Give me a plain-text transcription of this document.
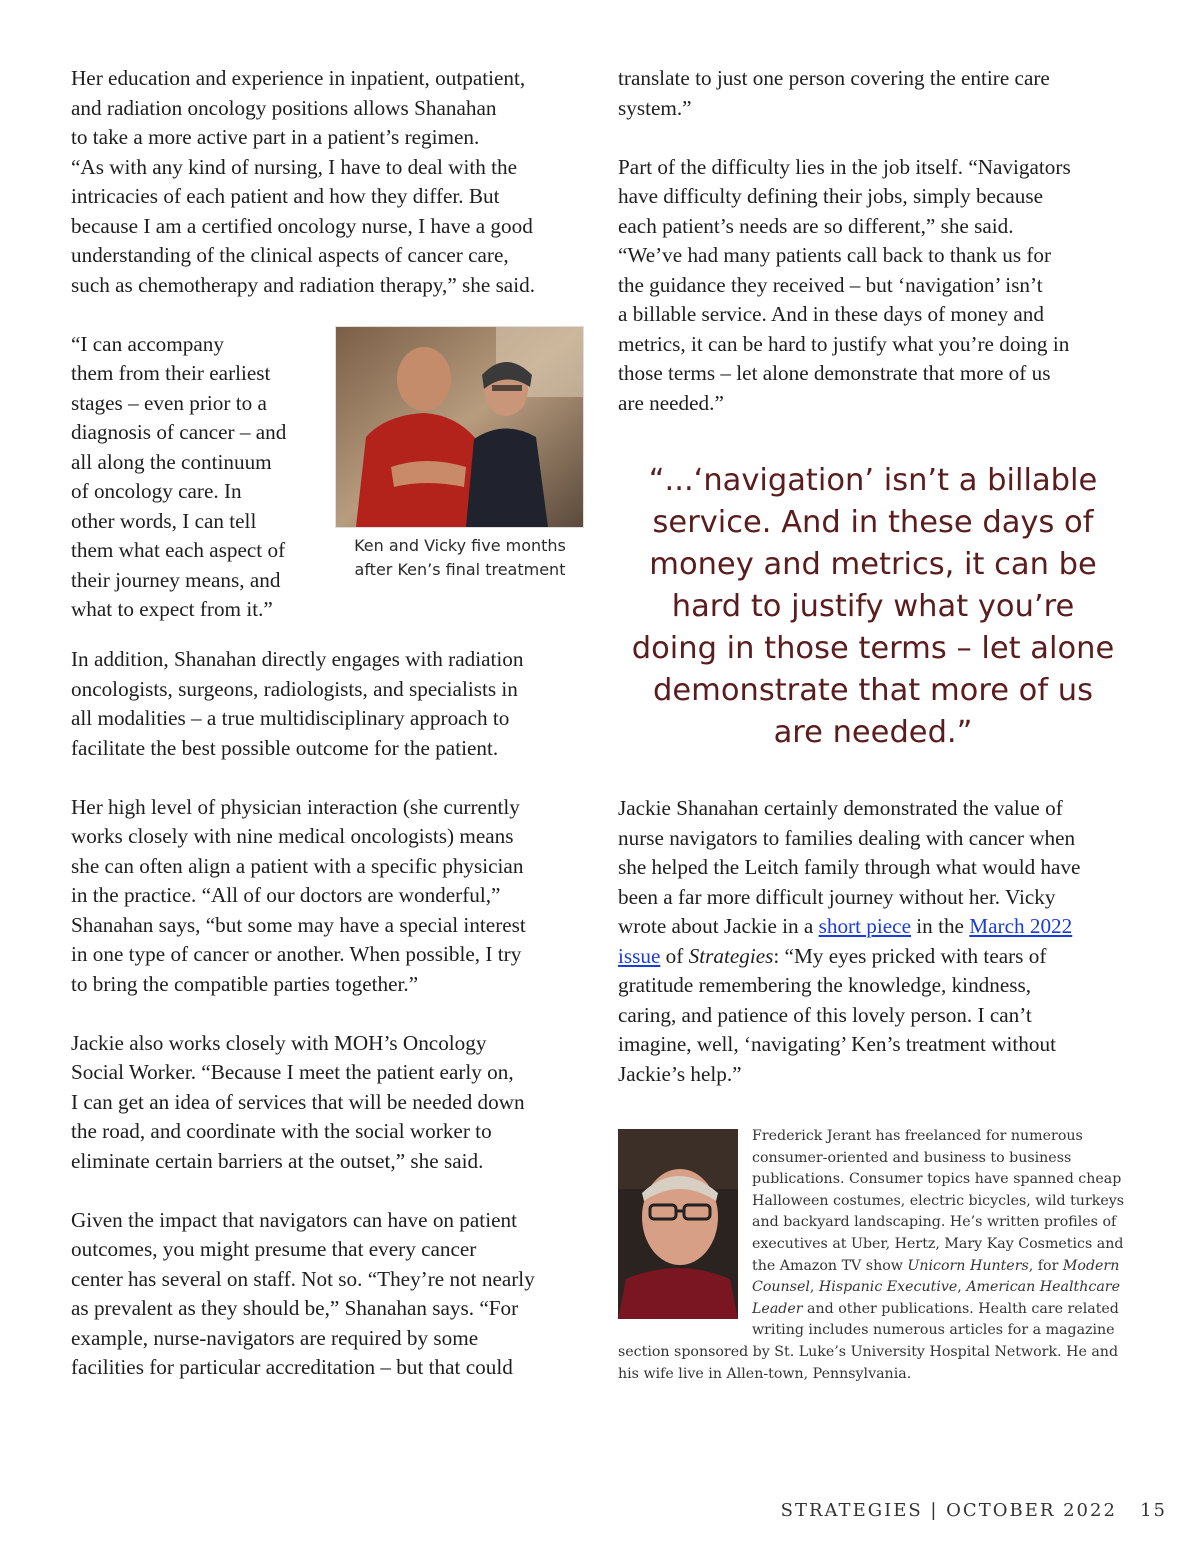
Her education and experience in inpatient, outpatient,
and radiation oncology positions allows Shanahan
to take a more active part in a patient’s regimen.
“As with any kind of nursing, I have to deal with the
intricacies of each patient and how they differ. But
because I am a certified oncology nurse, I have a good
understanding of the clinical aspects of cancer care,
such as chemotherapy and radiation therapy,” she said.

“I can accompany
them from their earliest
stages – even prior to a
diagnosis of cancer – and
all along the continuum
of oncology care. In
other words, I can tell
them what each aspect of
their journey means, and
what to expect from it.”

Ken and Vicky five months
after Ken’s final treatment

In addition, Shanahan directly engages with radiation
oncologists, surgeons, radiologists, and specialists in
all modalities – a true multidisciplinary approach to
facilitate the best possible outcome for the patient.

Her high level of physician interaction (she currently
works closely with nine medical oncologists) means
she can often align a patient with a specific physician
in the practice. “All of our doctors are wonderful,”
Shanahan says, “but some may have a special interest
in one type of cancer or another. When possible, I try
to bring the compatible parties together.”

Jackie also works closely with MOH’s Oncology
Social Worker. “Because I meet the patient early on,
I can get an idea of services that will be needed down
the road, and coordinate with the social worker to
eliminate certain barriers at the outset,” she said.

Given the impact that navigators can have on patient
outcomes, you might presume that every cancer
center has several on staff. Not so. “They’re not nearly
as prevalent as they should be,” Shanahan says. “For
example, nurse-navigators are required by some
facilities for particular accreditation – but that could

translate to just one person covering the entire care
system.”

Part of the difficulty lies in the job itself. “Navigators
have difficulty defining their jobs, simply because
each patient’s needs are so different,” she said.
“We’ve had many patients call back to thank us for
the guidance they received – but ‘navigation’ isn’t
a billable service. And in these days of money and
metrics, it can be hard to justify what you’re doing in
those terms – let alone demonstrate that more of us
are needed.”

“...‘navigation’ isn’t a billable
service. And in these days of
money and metrics, it can be
hard to justify what you’re
doing in those terms – let alone
demonstrate that more of us
are needed.”

Jackie Shanahan certainly demonstrated the value of
nurse navigators to families dealing with cancer when
she helped the Leitch family through what would have
been a far more difficult journey without her. Vicky
wrote about Jackie in a short piece in the March 2022
issue of Strategies: “My eyes pricked with tears of
gratitude remembering the knowledge, kindness,
caring, and patience of this lovely person. I can’t
imagine, well, ‘navigating’ Ken’s treatment without
Jackie’s help.”

Frederick Jerant has freelanced for numerous consumer-oriented and business to business publications. Consumer topics have spanned cheap Halloween costumes, electric bicycles, wild turkeys and backyard landscaping. He’s written profiles of executives at Uber, Hertz, Mary Kay Cosmetics and the Amazon TV show Unicorn Hunters, for Modern Counsel, Hispanic Executive, American Healthcare Leader and other publications. Health care related writing includes numerous articles for a magazine section sponsored by St. Luke’s University Hospital Network. He and his wife live in Allen-town, Pennsylvania.

STRATEGIES | OCTOBER 2022 15
